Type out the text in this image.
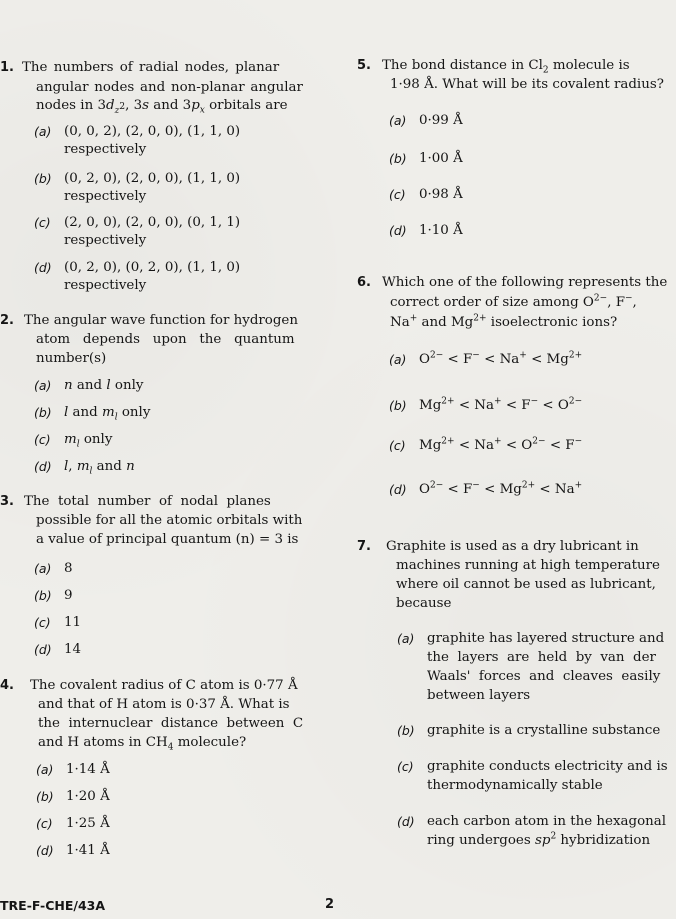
1. The numbers of radial nodes, planar
angular nodes and non-planar angular
nodes in $3d_{z^2}$, 3s and $3p_x$ orbitals are
(a) (0, 0, 2), (2, 0, 0), (1, 1, 0)
respectively
(b) (0, 2, 0), (2, 0, 0), (1, 1, 0)
respectively
(c) (2, 0, 0), (2, 0, 0), (0, 1, 1)
respectively
(d) (0, 2, 0), (0, 2, 0), (1, 1, 0)
respectively
2. The angular wave function for hydrogen
atom   depends   upon   the   quantum
number(s)
(a) n and l only
(b) l and $m_l$ only
(c) $m_l$ only
(d) l, $m_l$ and n
3. The  total  number  of  nodal  planes
possible for all the atomic orbitals with
a value of principal quantum (n) = 3 is
(a) 8
(b) 9
(c) 11
(d) 14
4. The covalent radius of C atom is 0·77 Å
and that of H atom is 0·37 Å. What is
the  internuclear  distance  between  C
and H atoms in $CH_4$ molecule?
(a) 1·14 Å
(b) 1·20 Å
(c) 1·25 Å
(d) 1·41 Å
5. The bond distance in $Cl_2$ molecule is
1·98 Å. What will be its covalent radius?
(a) 0·99 Å
(b) 1·00 Å
(c) 0·98 Å
(d) 1·10 Å
6. Which one of the following represents the
correct order of size among $O^{2-}$, F−,
Na+ and $Mg^{2+}$ isoelectronic ions?
(a) $O^{2-} < F^- < Na^+ < Mg^{2+}$
(b) $Mg^{2+} < Na^+ < F^- < O^{2-}$
(c) $Mg^{2+} < Na^+ < O^{2-} < F^-$
(d) $O^{2-} < F^- < Mg^{2+} < Na^+$
7. Graphite is used as a dry lubricant in
machines running at high temperature
where oil cannot be used as lubricant,
because
(a) graphite has layered structure and
the  layers  are  held  by  van  der
Waals'  forces  and  cleaves  easily
between layers
(b) graphite is a crystalline substance
(c) graphite conducts electricity and is
thermodynamically stable
(d) each carbon atom in the hexagonal
ring undergoes $sp^2$ hybridization
TRE-F-CHE/43A	2
